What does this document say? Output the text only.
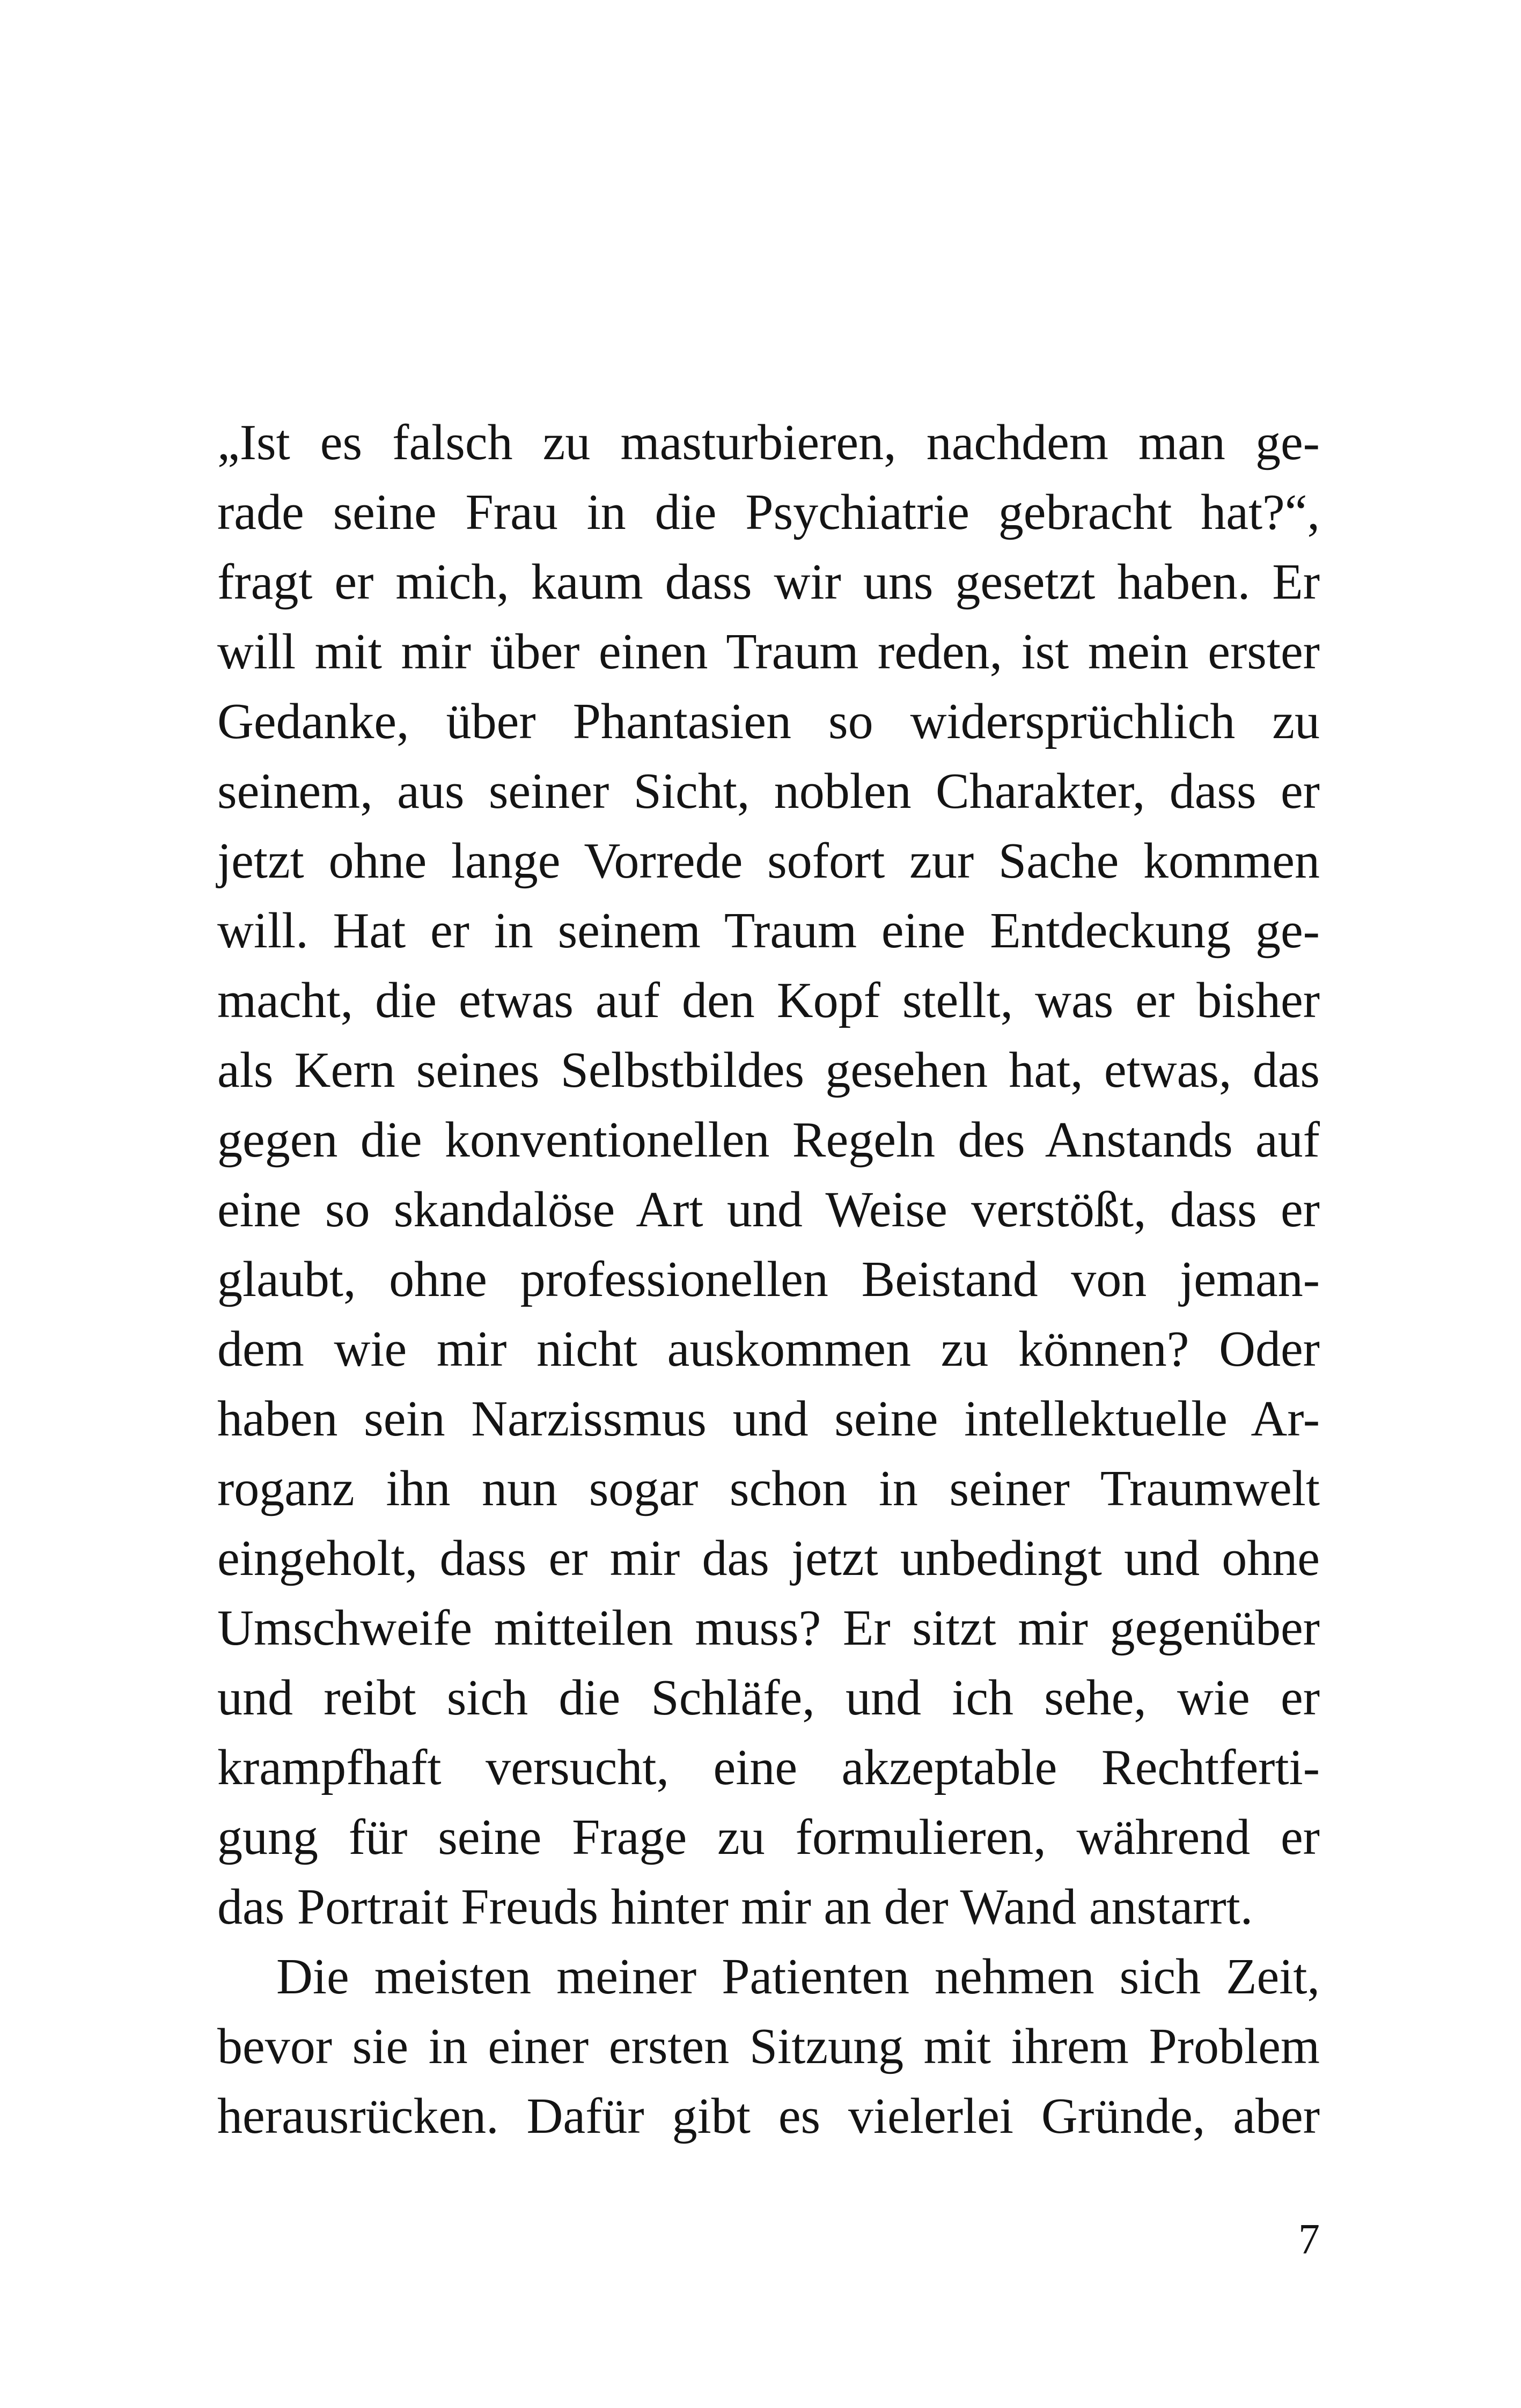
„Ist es falsch zu masturbieren, nachdem man ge-
rade seine Frau in die Psychiatrie gebracht hat?“,
fragt er mich, kaum dass wir uns gesetzt haben. Er
will mit mir über einen Traum reden, ist mein erster
Gedanke, über Phantasien so widersprüchlich zu
seinem, aus seiner Sicht, noblen Charakter, dass er
jetzt ohne lange Vorrede sofort zur Sache kommen
will. Hat er in seinem Traum eine Entdeckung ge-
macht, die etwas auf den Kopf stellt, was er bisher
als Kern seines Selbstbildes gesehen hat, etwas, das
gegen die konventionellen Regeln des Anstands auf
eine so skandalöse Art und Weise verstößt, dass er
glaubt, ohne professionellen Beistand von jeman-
dem wie mir nicht auskommen zu können? Oder
haben sein Narzissmus und seine intellektuelle Ar-
roganz ihn nun sogar schon in seiner Traumwelt
eingeholt, dass er mir das jetzt unbedingt und ohne
Umschweife mitteilen muss? Er sitzt mir gegenüber
und reibt sich die Schläfe, und ich sehe, wie er
krampfhaft versucht, eine akzeptable Rechtferti-
gung für seine Frage zu formulieren, während er
das Portrait Freuds hinter mir an der Wand anstarrt.
Die meisten meiner Patienten nehmen sich Zeit,
bevor sie in einer ersten Sitzung mit ihrem Problem
herausrücken. Dafür gibt es vielerlei Gründe, aber
7
